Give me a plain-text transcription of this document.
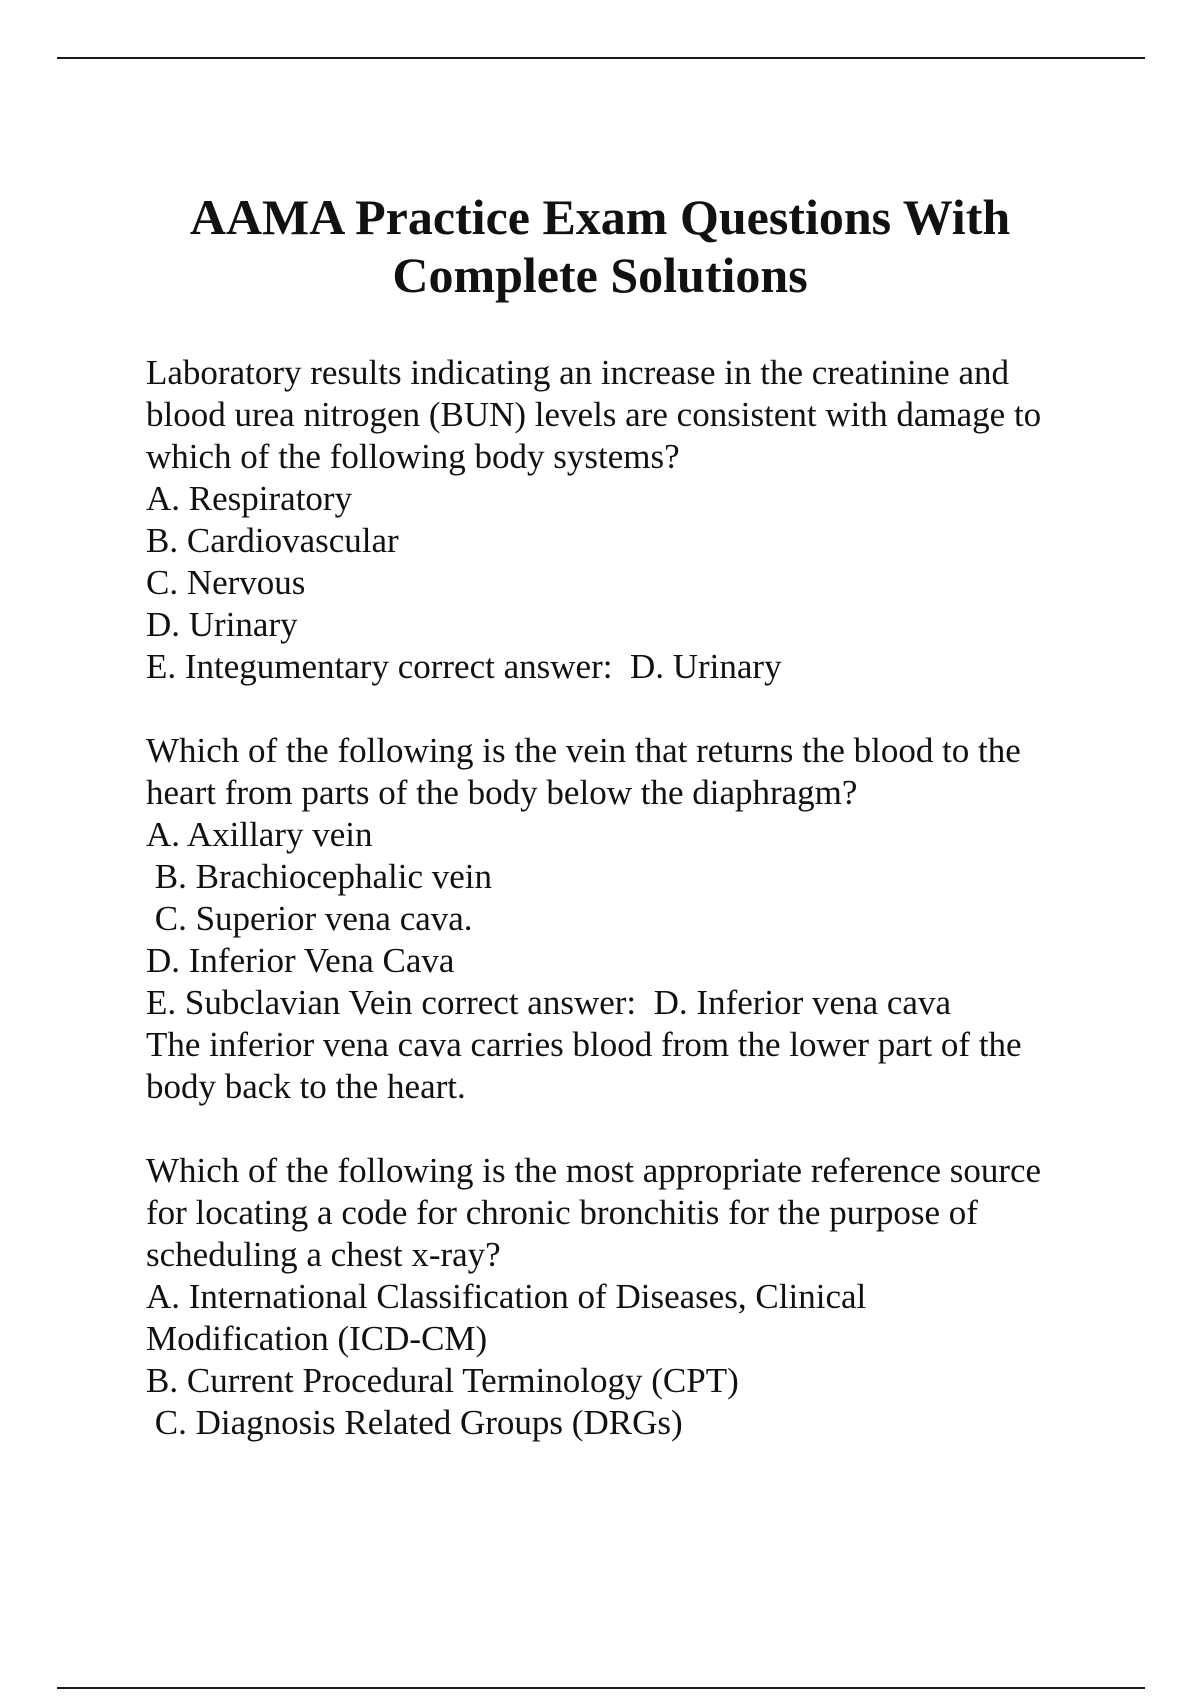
AAMA Practice Exam Questions With
Complete Solutions
Laboratory results indicating an increase in the creatinine and
blood urea nitrogen (BUN) levels are consistent with damage to
which of the following body systems?
A. Respiratory
B. Cardiovascular
C. Nervous
D. Urinary
E. Integumentary correct answer:  D. Urinary
Which of the following is the vein that returns the blood to the
heart from parts of the body below the diaphragm?
A. Axillary vein
B. Brachiocephalic vein
C. Superior vena cava.
D. Inferior Vena Cava
E. Subclavian Vein correct answer:  D. Inferior vena cava
The inferior vena cava carries blood from the lower part of the
body back to the heart.
Which of the following is the most appropriate reference source
for locating a code for chronic bronchitis for the purpose of
scheduling a chest x-ray?
A. International Classification of Diseases, Clinical
Modification (ICD-CM)
B. Current Procedural Terminology (CPT)
C. Diagnosis Related Groups (DRGs)
